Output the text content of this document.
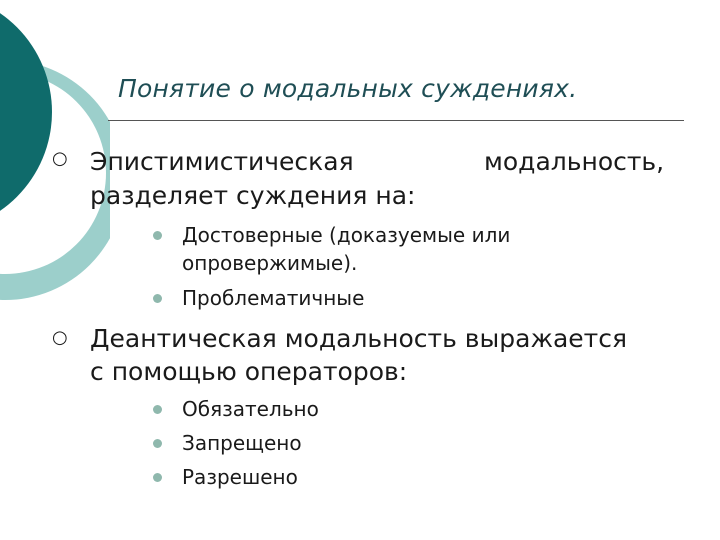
Понятие о модальных суждениях.
○ Эпистимистическая	модальность,
разделяет суждения на:
Достоверные (доказуемые или
опровержимые).
Проблематичные
○ Деантическая модальность выражается
с помощью операторов:
Обязательно
Запрещено
Разрешено
